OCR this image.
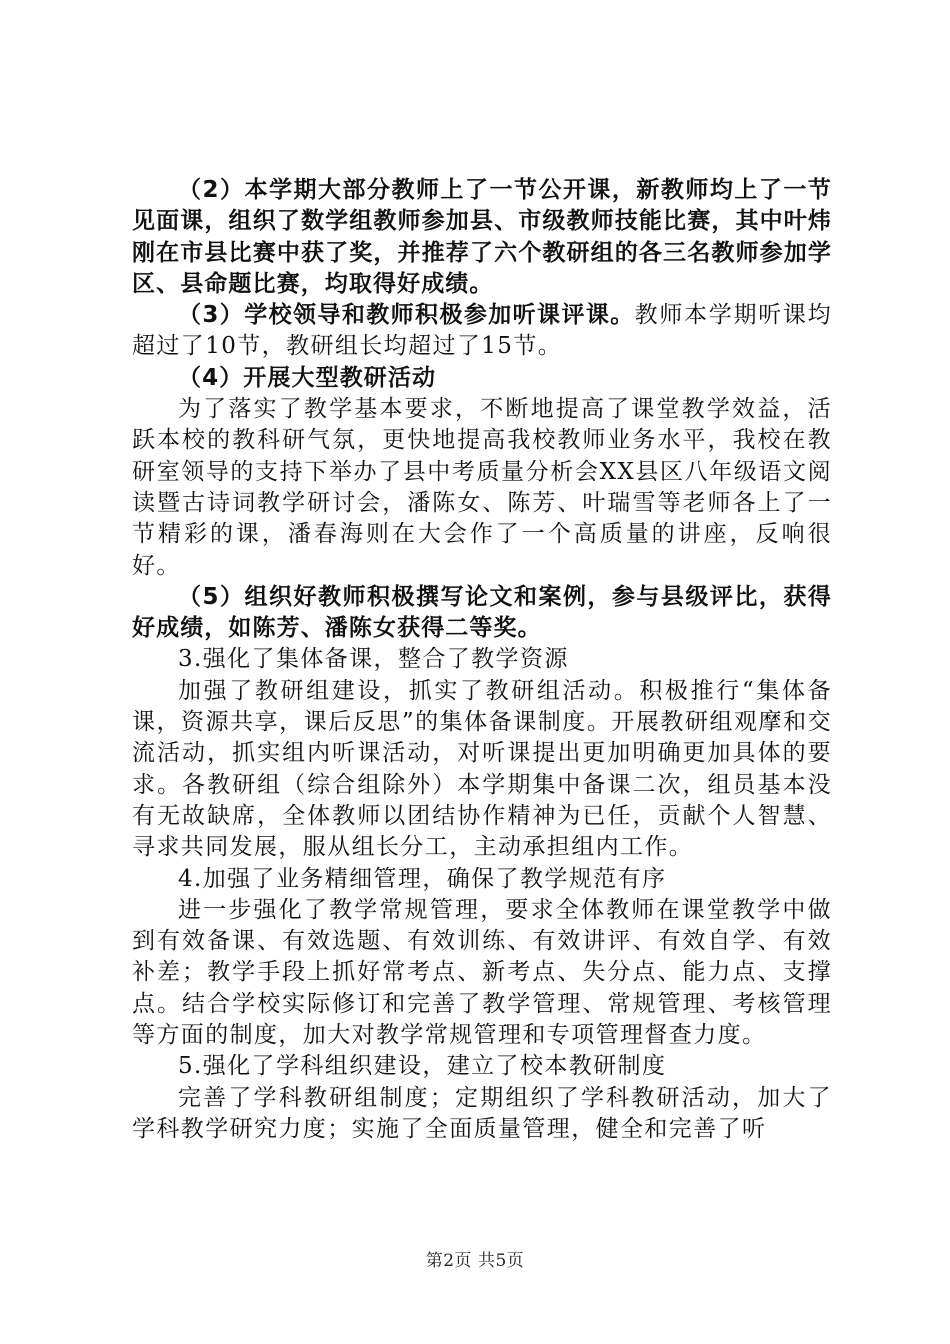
（2）本学期大部分教师上了一节公开课，新教师均上了一节见面课，组织了数学组教师参加县、市级教师技能比赛，其中叶炜刚在市县比赛中获了奖，并推荐了六个教研组的各三名教师参加学区、县命题比赛，均取得好成绩。

（3）学校领导和教师积极参加听课评课。教师本学期听课均超过了10节，教研组长均超过了15节。

（4）开展大型教研活动

为了落实了教学基本要求，不断地提高了课堂教学效益，活跃本校的教科研气氛，更快地提高我校教师业务水平，我校在教研室领导的支持下举办了县中考质量分析会XX县区八年级语文阅读暨古诗词教学研讨会，潘陈女、陈芳、叶瑞雪等老师各上了一节精彩的课，潘春海则在大会作了一个高质量的讲座，反响很好。

（5）组织好教师积极撰写论文和案例，参与县级评比，获得好成绩，如陈芳、潘陈女获得二等奖。

3.强化了集体备课，整合了教学资源

加强了教研组建设，抓实了教研组活动。积极推行“集体备课，资源共享，课后反思”的集体备课制度。开展教研组观摩和交流活动，抓实组内听课活动，对听课提出更加明确更加具体的要求。各教研组（综合组除外）本学期集中备课二次，组员基本没有无故缺席，全体教师以团结协作精神为已任，贡献个人智慧、寻求共同发展，服从组长分工，主动承担组内工作。

4.加强了业务精细管理，确保了教学规范有序

进一步强化了教学常规管理，要求全体教师在课堂教学中做到有效备课、有效选题、有效训练、有效讲评、有效自学、有效补差；教学手段上抓好常考点、新考点、失分点、能力点、支撑点。结合学校实际修订和完善了教学管理、常规管理、考核管理等方面的制度，加大对教学常规管理和专项管理督查力度。

5.强化了学科组织建设，建立了校本教研制度

完善了学科教研组制度；定期组织了学科教研活动，加大了学科教学研究力度；实施了全面质量管理，健全和完善了听

第2页 共5页
